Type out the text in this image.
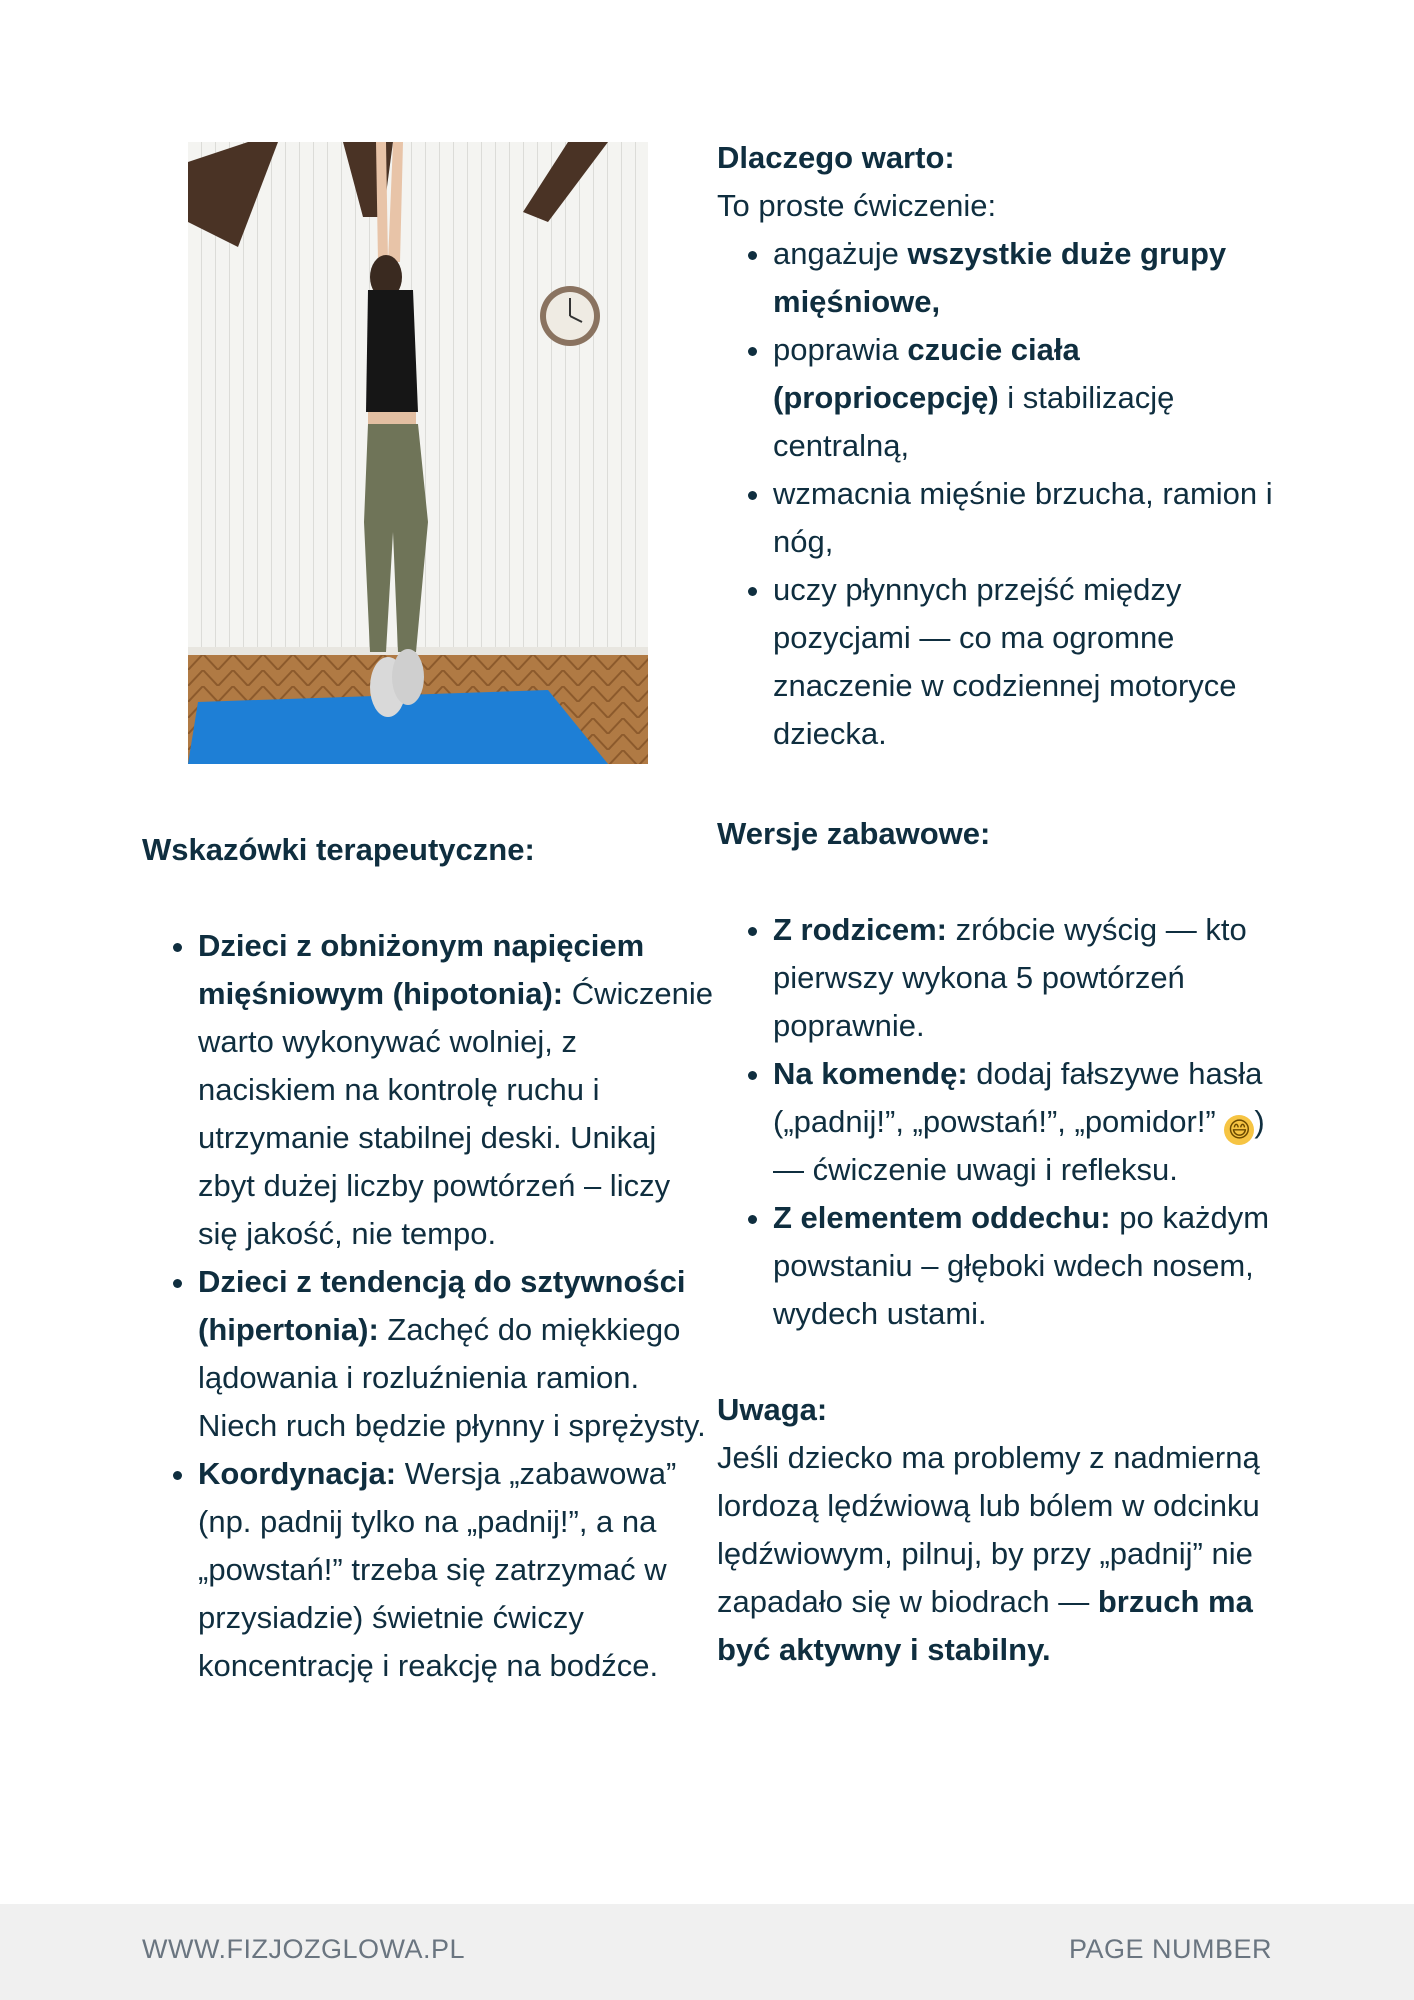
Dlaczego warto:

To proste ćwiczenie:

• angażuje wszystkie duże grupy mięśniowe,
• poprawia czucie ciała (propriocepcję) i stabilizację centralną,
• wzmacnia mięśnie brzucha, ramion i nóg,
• uczy płynnych przejść między pozycjami — co ma ogromne znaczenie w codziennej motoryce dziecka.
Wersje zabawowe:
• Z rodzicem: zróbcie wyścig — kto pierwszy wykona 5 powtórzeń poprawnie.
• Na komendę: dodaj fałszywe hasła („padnij!”, „powstań!”, „pomidor!” 😄 ) — ćwiczenie uwagi i refleksu.
• Z elementem oddechu: po każdym powstaniu – głęboki wdech nosem, wydech ustami.
Uwaga:

Jeśli dziecko ma problemy z nadmierną lordozą lędźwiową lub bólem w odcinku lędźwiowym, pilnuj, by przy „padnij” nie zapadało się w biodrach — brzuch ma być aktywny i stabilny.

Wskazówki terapeutyczne:
• Dzieci z obniżonym napięciem mięśniowym (hipotonia): Ćwiczenie warto wykonywać wolniej, z naciskiem na kontrolę ruchu i utrzymanie stabilnej deski. Unikaj zbyt dużej liczby powtórzeń – liczy się jakość, nie tempo.
• Dzieci z tendencją do sztywności (hipertonia): Zachęć do miękkiego lądowania i rozluźnienia ramion. Niech ruch będzie płynny i sprężysty.
• Koordynacja: Wersja „zabawowa” (np. padnij tylko na „padnij!”, a na „powstań!” trzeba się zatrzymać w przysiadzie) świetnie ćwiczy koncentrację i reakcję na bodźce.
WWW.FIZJOZGLOWA.PL	PAGE NUMBER
